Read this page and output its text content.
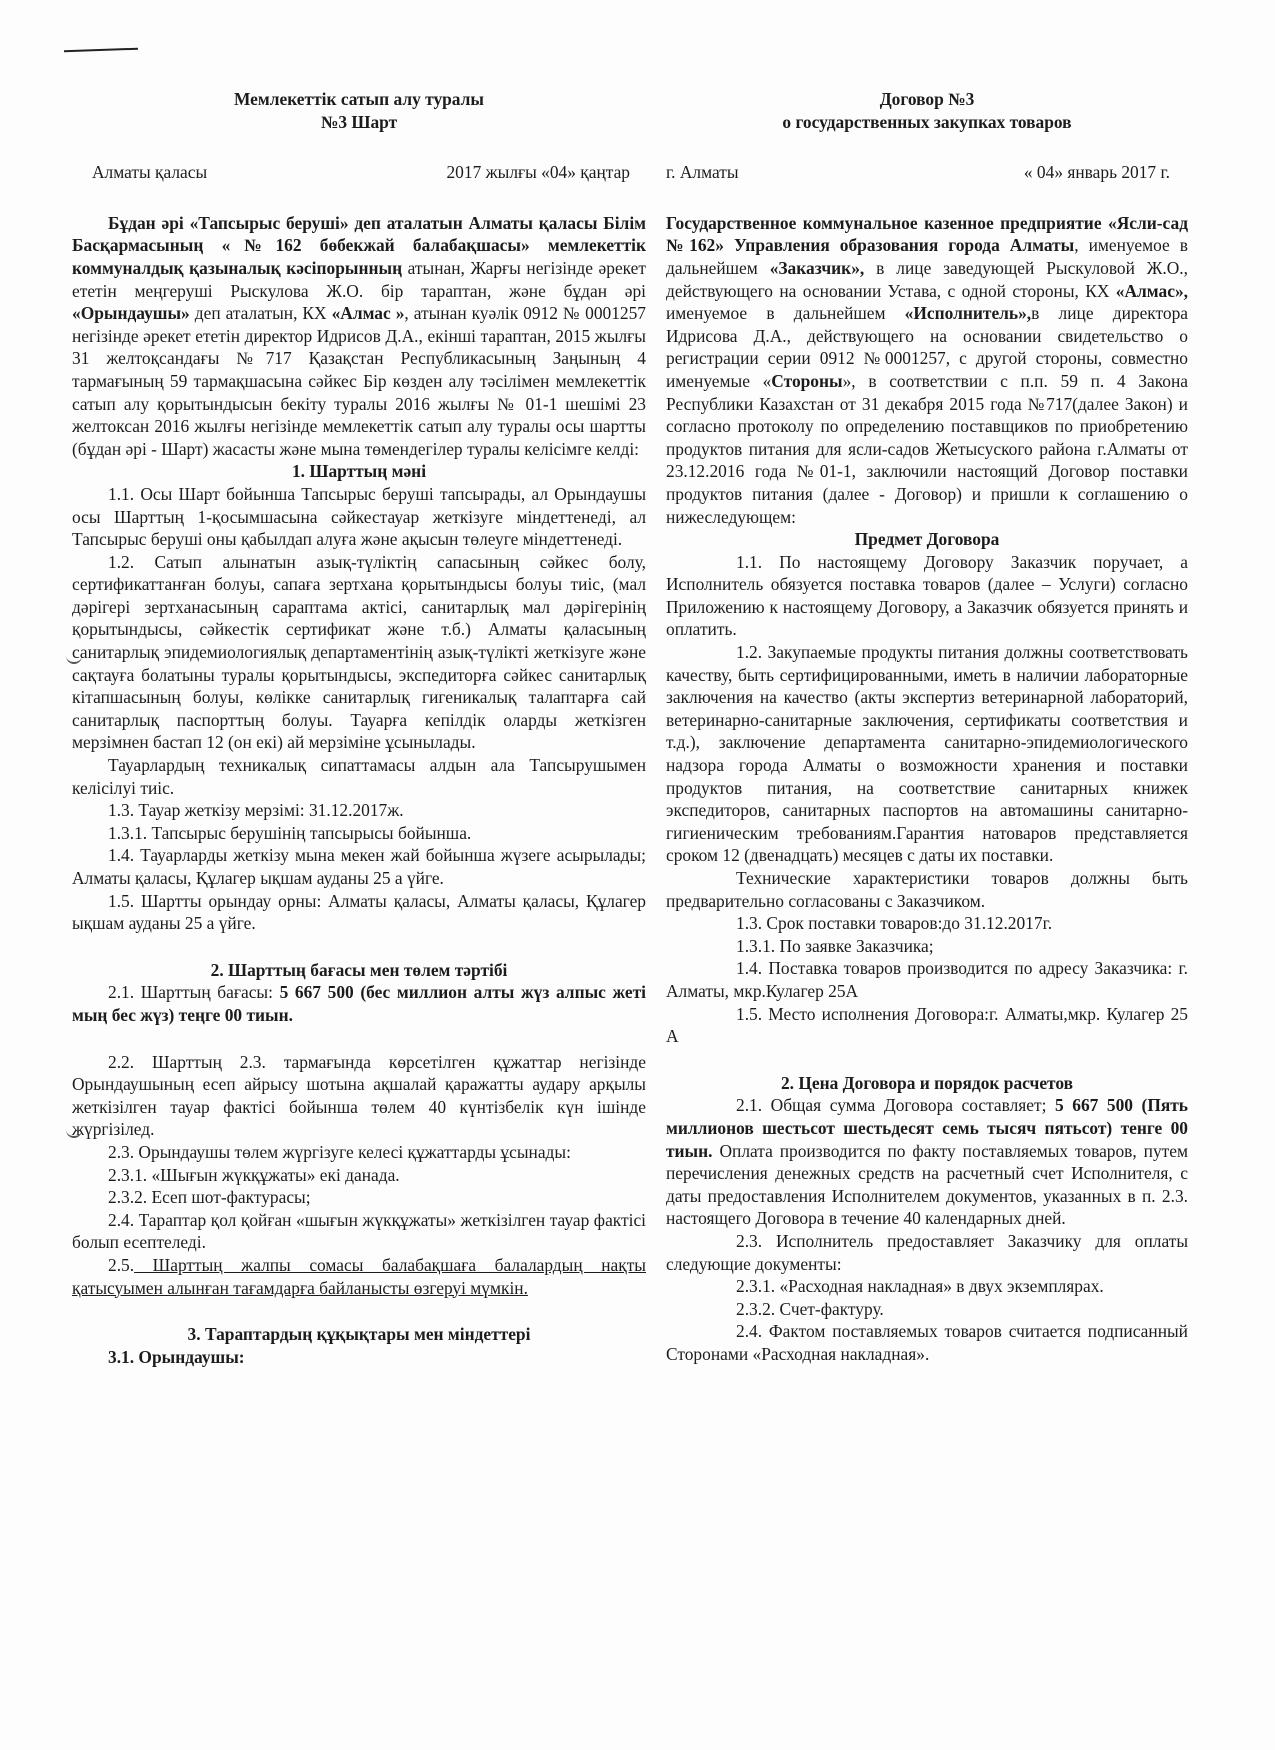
Мемлекеттік сатып алу туралы

№3 Шарт

Алматы қаласы	2017 жылғы «04» қаңтар

Бұдан әрі «Тапсырыс беруші» деп аталатын Алматы қаласы Білім Басқармасының «№162 бөбекжай балабақшасы» мемлекеттік коммуналдық қазыналық кәсіпорынның атынан, Жарғы негізінде әрекет ететін меңгеруші Рыскулова Ж.О. бір тараптан, және бұдан әрі «Орындаушы» деп аталатын, КХ «Алмас », атынан куәлік 0912 № 0001257 негізінде әрекет ететін директор Идрисов Д.А., екінші тараптан, 2015 жылғы 31 желтоқсандағы №717 Қазақстан Республикасының Заңының 4 тармағының 59 тармақшасына сәйкес Бір көзден алу тәсілімен мемлекеттік сатып алу қорытындысын бекіту туралы 2016 жылғы № 01-1 шешімі 23 желтоксан 2016 жылғы негізінде мемлекеттік сатып алу туралы осы шартты (бұдан әрі - Шарт) жасасты және мына төмендегілер туралы келісімге келді:

1. Шарттың мәні

1.1. Осы Шарт бойынша Тапсырыс беруші тапсырады, ал Орындаушы осы Шарттың 1-қосымшасына сәйкестауар жеткізуге міндеттенеді, ал Тапсырыс беруші оны қабылдап алуға және ақысын төлеуге міндеттенеді.

1.2. Сатып алынатын азық-түліктің сапасының сәйкес болу, сертификаттанған болуы, сапаға зертхана қорытындысы болуы тиіс, (мал дәрігері зертханасының сараптама актісі, санитарлық мал дәрігерінің қорытындысы, сәйкестік сертификат және т.б.) Алматы қаласының санитарлық эпидемиологиялық департаментінің азық-түлікті жеткізуге және сақтауға болатыны туралы қорытындысы, экспедиторға сәйкес санитарлық кітапшасының болуы, көлікке санитарлық гигеникалық талаптарға сай санитарлық паспорттың болуы. Тауарға кепілдік оларды жеткізген мерзімнен бастап 12 (он екі) ай мерзіміне ұсынылады.

Тауарлардың техникалық сипаттамасы алдын ала Тапсырушымен келісілуі тиіс.

1.3. Тауар жеткізу мерзімі: 31.12.2017ж.

1.3.1. Тапсырыс берушінің тапсырысы бойынша.

1.4. Тауарларды жеткізу мына мекен жай бойынша жүзеге асырылады; Алматы қаласы, Құлагер ықшам ауданы 25 а үйге.

1.5. Шартты орындау орны: Алматы қаласы, Алматы қаласы, Құлагер ықшам ауданы 25 а үйге.

2. Шарттың бағасы мен төлем тәртібі

2.1. Шарттың бағасы: 5 667 500 (бес миллион алты жүз алпыс жеті мың бес жүз) теңге 00 тиын.

2.2. Шарттың 2.3. тармағында көрсетілген құжаттар негізінде Орындаушының есеп айрысу шотына ақшалай қаражатты аудару арқылы жеткізілген тауар фактісі бойынша төлем 40 күнтізбелік күн ішінде жүргізілед.

2.3. Орындаушы төлем жүргізуге келесі құжаттарды ұсынады:

2.3.1. «Шығын жүкқұжаты» екі данада.

2.3.2. Есеп шот-фактурасы;

2.4. Тараптар қол қойған «шығын жүкқұжаты» жеткізілген тауар фактісі болып есептеледі.

2.5. Шарттың жалпы сомасы балабақшаға балалардың нақты қатысуымен алынған тағамдарға байланысты өзгеруі мүмкін.

3. Тараптардың құқықтары мен міндеттері

3.1. Орындаушы:

Договор №3

о государственных закупках товаров

г. Алматы	« 04» январь 2017 г.

Государственное коммунальное казенное предприятие «Ясли-сад №162» Управления образования города Алматы, именуемое в дальнейшем «Заказчик», в лице заведующей Рыскуловой Ж.О., действующего на основании Устава, с одной стороны, КХ «Алмас», именуемое в дальнейшем «Исполнитель»,в лице директора Идрисова Д.А., действующего на основании свидетельство о регистрации серии 0912 №0001257, с другой стороны, совместно именуемые «Стороны», в соответствии с п.п. 59 п. 4 Закона Республики Казахстан от 31 декабря 2015 года №717(далее Закон) и согласно протоколу по определению поставщиков по приобретению продуктов питания для ясли-садов Жетысуского района г.Алматы от 23.12.2016 года №01-1, заключили настоящий Договор поставки продуктов питания (далее - Договор) и пришли к соглашению о нижеследующем:

Предмет Договора

1.1. По настоящему Договору Заказчик поручает, а Исполнитель обязуется поставка товаров (далее – Услуги) согласно Приложению к настоящему Договору, а Заказчик обязуется принять и оплатить.

1.2. Закупаемые продукты питания должны соответствовать качеству, быть сертифицированными, иметь в наличии лабораторные заключения на качество (акты экспертиз ветеринарной лабораторий, ветеринарно-санитарные заключения, сертификаты соответствия и т.д.), заключение департамента санитарно-эпидемиологического надзора города Алматы о возможности хранения и поставки продуктов питания, на соответствие санитарных книжек экспедиторов, санитарных паспортов на автомашины санитарно-гигиеническим требованиям.Гарантия натоваров представляется сроком 12 (двенадцать) месяцев с даты их поставки.

Технические характеристики товаров должны быть предварительно согласованы с Заказчиком.

1.3. Срок поставки товаров:до 31.12.2017г.

1.3.1. По заявке Заказчика;

1.4. Поставка товаров производится по адресу Заказчика: г. Алматы, мкр.Кулагер 25А

1.5. Место исполнения Договора:г. Алматы,мкр. Кулагер 25 А

2. Цена Договора и порядок расчетов

2.1. Общая сумма Договора составляет; 5 667 500 (Пять миллионов шестьсот шестьдесят семь тысяч пятьсот) тенге 00 тиын. Оплата производится по факту поставляемых товаров, путем перечисления денежных средств на расчетный счет Исполнителя, с даты предоставления Исполнителем документов, указанных в п. 2.3. настоящего Договора в течение 40 календарных дней.

2.3. Исполнитель предоставляет Заказчику для оплаты следующие документы:

2.3.1. «Расходная накладная» в двух экземплярах.

2.3.2. Счет-фактуру.

2.4. Фактом поставляемых товаров считается подписанный Сторонами «Расходная накладная».
